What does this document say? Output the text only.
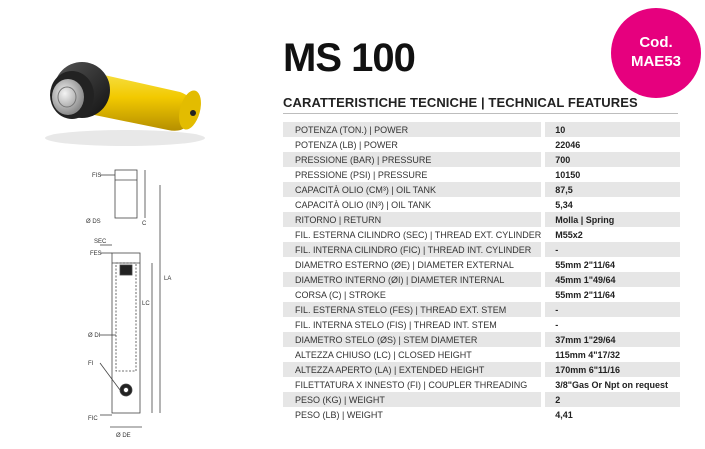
FIS
Ø DS	C
SEC
FES
LA
LC
Ø DI
FI
FIC
Ø DE
MS 100	Cod.
MAE53
CARATTERISTICHE TECNICHE | TECHNICAL FEATURES
POTENZA (TON.) | POWER	10
POTENZA (LB) | POWER	22046
PRESSIONE (BAR) | PRESSURE	700
PRESSIONE (PSI) | PRESSURE	10150
CAPACITÀ OLIO (CM³) | OIL TANK	87,5
CAPACITÀ OLIO (IN³) | OIL TANK	5,34
RITORNO | RETURN	Molla | Spring
FIL. ESTERNA CILINDRO (SEC) | THREAD EXT. CYLINDER	M55x2
FIL. INTERNA CILINDRO (FIC) | THREAD INT. CYLINDER	-
DIAMETRO ESTERNO (ØE) | DIAMETER EXTERNAL	55mm 2"11/64
DIAMETRO INTERNO (ØI) | DIAMETER INTERNAL	45mm 1"49/64
CORSA (C) | STROKE	55mm 2"11/64
FIL. ESTERNA STELO (FES) | THREAD EXT. STEM	-
FIL. INTERNA STELO (FIS) | THREAD INT. STEM	-
DIAMETRO STELO (ØS) | STEM DIAMETER	37mm 1"29/64
ALTEZZA CHIUSO (LC) | CLOSED HEIGHT	115mm 4"17/32
ALTEZZA APERTO (LA) | EXTENDED HEIGHT	170mm 6"11/16
FILETTATURA X INNESTO (FI) | COUPLER THREADING	3/8"Gas Or Npt on request
PESO (KG) | WEIGHT	2
PESO (LB) | WEIGHT	4,41
